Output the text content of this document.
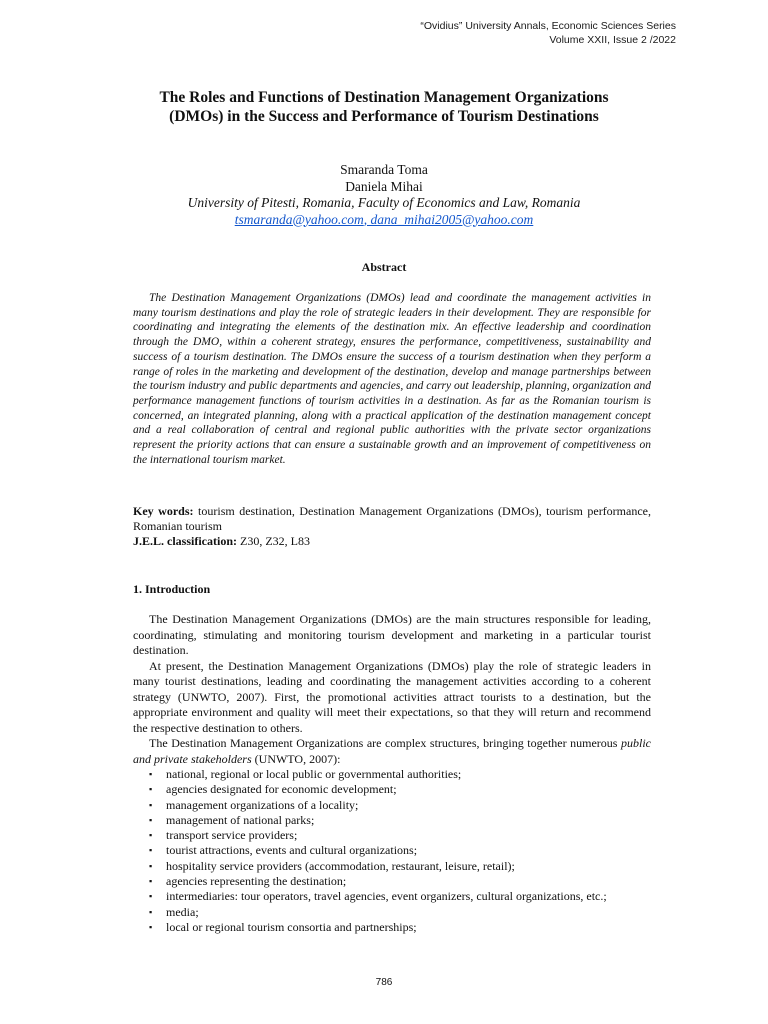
“Ovidius” University Annals, Economic Sciences Series
Volume XXII, Issue 2 /2022
The Roles and Functions of Destination Management Organizations
(DMOs) in the Success and Performance of Tourism Destinations
Smaranda Toma
Daniela Mihai
University of Pitesti, Romania, Faculty of Economics and Law, Romania
tsmaranda@yahoo.com, dana_mihai2005@yahoo.com
Abstract

The Destination Management Organizations (DMOs) lead and coordinate the management activities in many tourism destinations and play the role of strategic leaders in their development. They are responsible for coordinating and integrating the elements of the destination mix. An effective leadership and coordination through the DMO, within a coherent strategy, ensures the performance, competitiveness, sustainability and success of a tourism destination. The DMOs ensure the success of a tourism destination when they perform a range of roles in the marketing and development of the destination, develop and manage partnerships between the tourism industry and public departments and agencies, and carry out leadership, planning, organization and performance management functions of tourism activities in a destination. As far as the Romanian tourism is concerned, an integrated planning, along with a practical application of the destination management concept and a real collaboration of central and regional public authorities with the private sector organizations represent the priority actions that can ensure a sustainable growth and an improvement of competitiveness on the international tourism market.

Key words: tourism destination, Destination Management Organizations (DMOs), tourism performance, Romanian tourism
J.E.L. classification: Z30, Z32, L83
1. Introduction

The Destination Management Organizations (DMOs) are the main structures responsible for leading, coordinating, stimulating and monitoring tourism development and marketing in a particular tourist destination.

At present, the Destination Management Organizations (DMOs) play the role of strategic leaders in many tourist destinations, leading and coordinating the management activities according to a coherent strategy (UNWTO, 2007). First, the promotional activities attract tourists to a destination, but the appropriate environment and quality will meet their expectations, so that they will return and recommend the respective destination to others.

The Destination Management Organizations are complex structures, bringing together numerous public and private stakeholders (UNWTO, 2007):

▪ national, regional or local public or governmental authorities;
▪ agencies designated for economic development;
▪ management organizations of a locality;
▪ management of national parks;
▪ transport service providers;
▪ tourist attractions, events and cultural organizations;
▪ hospitality service providers (accommodation, restaurant, leisure, retail);
▪ agencies representing the destination;
▪ intermediaries: tour operators, travel agencies, event organizers, cultural organizations, etc.;
▪ media;
▪ local or regional tourism consortia and partnerships;
786
